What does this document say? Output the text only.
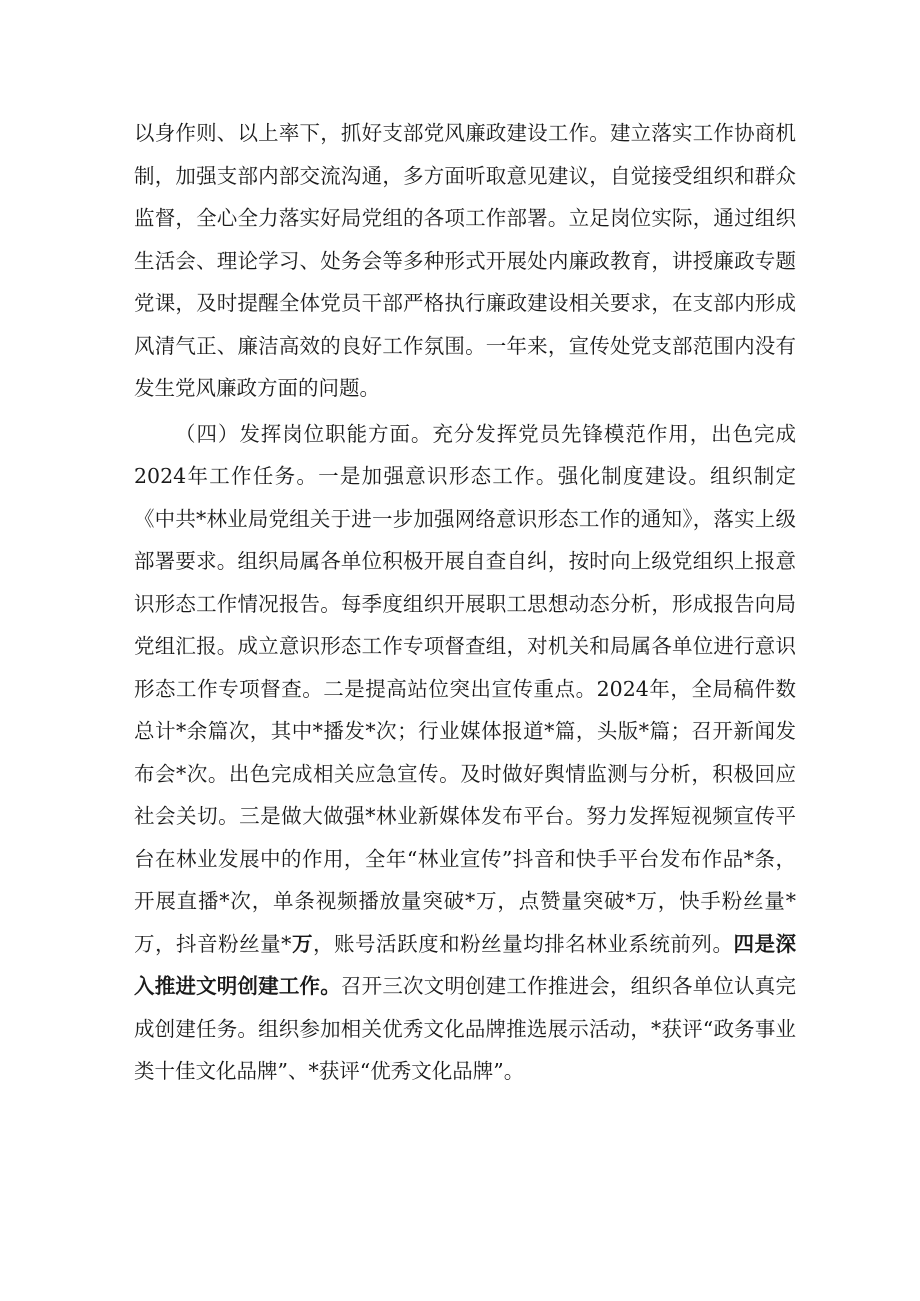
以身作则、以上率下，抓好支部党风廉政建设工作。建立落实工作协商机制，加强支部内部交流沟通，多方面听取意见建议，自觉接受组织和群众监督，全心全力落实好局党组的各项工作部署。立足岗位实际，通过组织生活会、理论学习、处务会等多种形式开展处内廉政教育，讲授廉政专题党课，及时提醒全体党员干部严格执行廉政建设相关要求，在支部内形成风清气正、廉洁高效的良好工作氛围。一年来，宣传处党支部范围内没有发生党风廉政方面的问题。

（四）发挥岗位职能方面。充分发挥党员先锋模范作用，出色完成2024年工作任务。一是加强意识形态工作。强化制度建设。组织制定《中共*林业局党组关于进一步加强网络意识形态工作的通知》，落实上级部署要求。组织局属各单位积极开展自查自纠，按时向上级党组织上报意识形态工作情况报告。每季度组织开展职工思想动态分析，形成报告向局党组汇报。成立意识形态工作专项督查组，对机关和局属各单位进行意识形态工作专项督查。二是提高站位突出宣传重点。2024年，全局稿件数总计*余篇次，其中*播发*次；行业媒体报道*篇，头版*篇；召开新闻发布会*次。出色完成相关应急宣传。及时做好舆情监测与分析，积极回应社会关切。三是做大做强*林业新媒体发布平台。努力发挥短视频宣传平台在林业发展中的作用，全年“林业宣传”抖音和快手平台发布作品*条，开展直播*次，单条视频播放量突破*万，点赞量突破*万，快手粉丝量*万，抖音粉丝量*万，账号活跃度和粉丝量均排名林业系统前列。四是深入推进文明创建工作。召开三次文明创建工作推进会，组织各单位认真完成创建任务。组织参加相关优秀文化品牌推选展示活动，*获评“政务事业类十佳文化品牌”、*获评“优秀文化品牌”。
